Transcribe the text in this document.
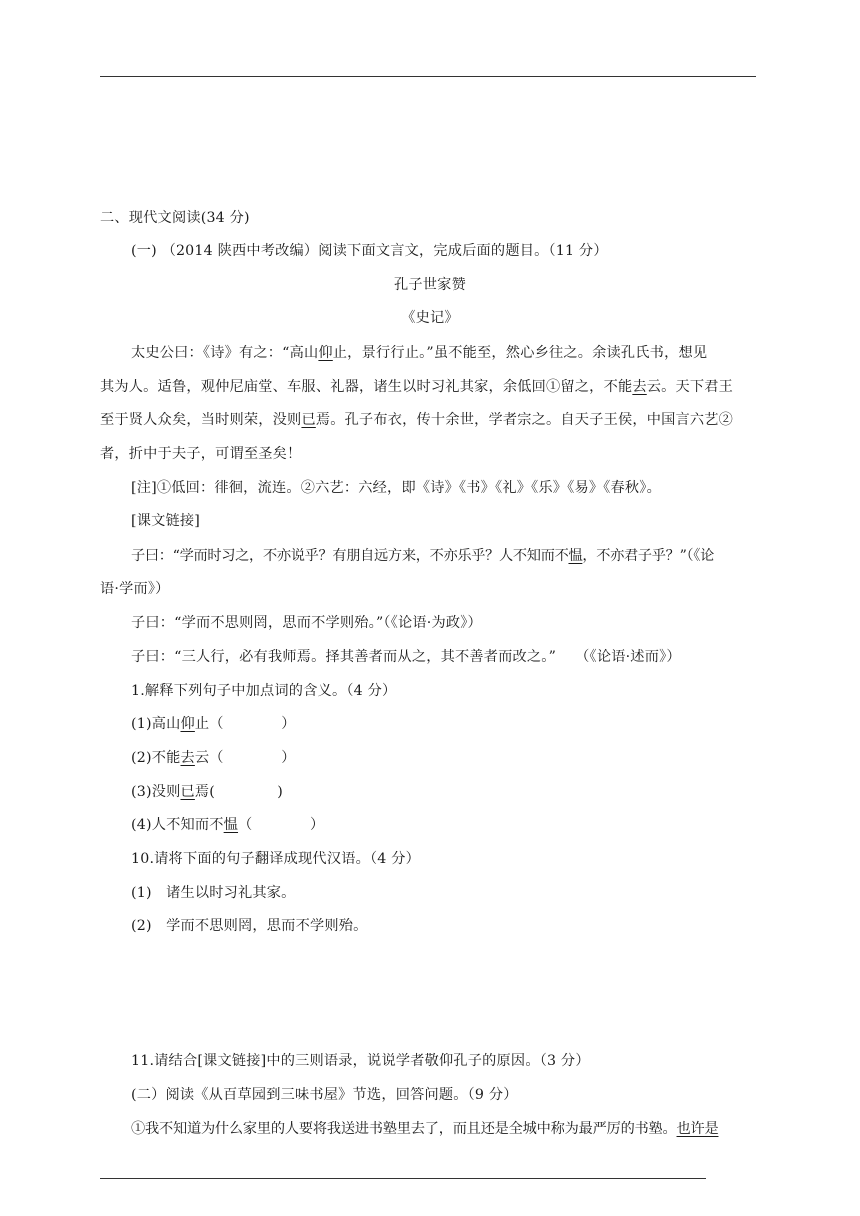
二、现代文阅读(34 分)
(一) （2014 陕西中考改编）阅读下面文言文，完成后面的题目。（11 分）
孔子世家赞
《史记》
太史公曰：《诗》有之：“高山仰止，景行行止。”虽不能至，然心乡往之。余读孔氏书，想见
其为人。适鲁，观仲尼庙堂、车服、礼器，诸生以时习礼其家，余低回①留之，不能去云。天下君王
至于贤人众矣，当时则荣，没则已焉。孔子布衣，传十余世，学者宗之。自天子王侯，中国言六艺②
者，折中于夫子，可谓至圣矣！
[注]①低回：徘徊，流连。②六艺：六经，即《诗》《书》《礼》《乐》《易》《春秋》。
[课文链接]
子曰：“学而时习之，不亦说乎？有朋自远方来，不亦乐乎？人不知而不愠，不亦君子乎？”（《论
语·学而》）
子曰：“学而不思则罔，思而不学则殆。”（《论语·为政》）
子曰：“三人行，必有我师焉。择其善者而从之，其不善者而改之。”　 （《论语·述而》）
1.解释下列句子中加点词的含义。（4 分）
(1)高山仰止（　　　　）
(2)不能去云（　　　　）
(3)没则已焉(　　　　 )
(4)人不知而不愠（　　　　）
10.请将下面的句子翻译成现代汉语。（4 分）
(1)　诸生以时习礼其家。
(2)　学而不思则罔，思而不学则殆。
11.请结合[课文链接]中的三则语录，说说学者敬仰孔子的原因。（3 分）
(二）阅读《从百草园到三味书屋》节选，回答问题。（9 分）
①我不知道为什么家里的人要将我送进书塾里去了，而且还是全城中称为最严厉的书塾。也许是
